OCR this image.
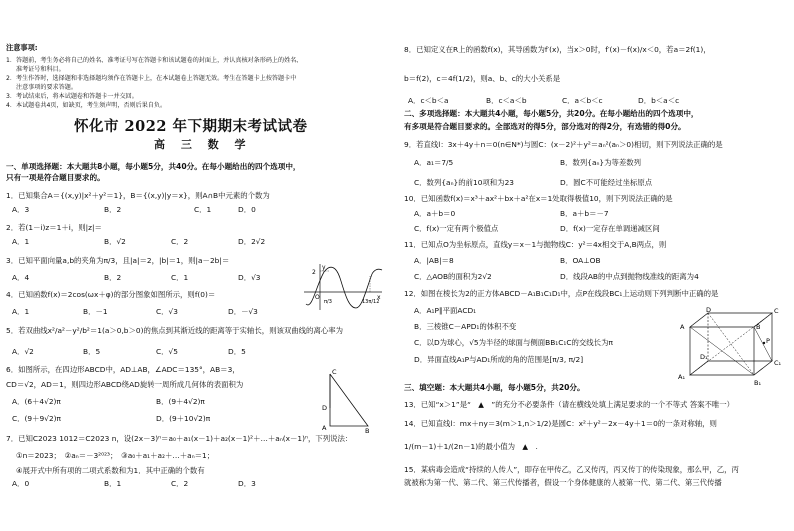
注意事项:
1．答题前，考生务必将自己的姓名、准考证号写在答题卡和该试题卷的封面上，并认真核对条形码上的姓名、
准考证号和科目。
2．考生作答时，选择题和非选择题均须作在答题卡上，在本试题卷上答题无效。考生在答题卡上按答题卡中
注意事项的要求答题。
3．考试结束后，将本试题卷和答题卡一并交回。
4．本试题卷共4页，如缺页，考生须声明，否则后果自负。
怀化市 2022 年下期期末考试试卷
高 三 数 学
一、单项选择题：本大题共8小题，每小题5分，共40分。在每小题给出的四个选项中，
只有一项是符合题目要求的。
1．已知集合A＝{(x,y)|x²＋y²＝1}，B＝{(x,y)|y＝x}，则A∩B中元素的个数为
A．3	B．2	C．1	D．0
2．若(1－i)z＝1＋i，则|z|＝
A．1	B．√2	C．2	D．2√2
3．已知平面向量a,b的夹角为π/3，且|a|＝2，|b|＝1，则|a－2b|＝
A．4	B．2	C．1	D．√3
4．已知函数f(x)＝2cos(ωx＋φ)的部分图象如图所示，则f(0)＝
A．1	B．－1	C．√3	D．－√3
2
O
π/3	13π/12
x
y
5．若双曲线x²/a²－y²/b²＝1(a＞0,b＞0)的焦点到其渐近线的距离等于实轴长，则该双曲线的离心率为
A．√2	B．5	C．√5	D．5
6．如图所示，在四边形ABCD中，AD⊥AB，∠ADC＝135°，AB＝3，
CD＝√2，AD＝1，则四边形ABCD绕AD旋转一周所成几何体的表面积为
A．(6＋4√2)π	B．(9＋4√2)π
C．(9＋9√2)π	D．(9＋10√2)π
C
D
A	B
7．已知C2023 1012＝C2023 n，设(2x－3)ⁿ＝a₀＋a₁(x－1)＋a₂(x－1)²＋…＋aₙ(x－1)ⁿ，下列说法：
①n＝2023；　②aₙ＝－3²⁰²³；　③a₀＋a₁＋a₂＋…＋aₙ＝1；
④展开式中所有项的二项式系数和为1．其中正确的个数有
A．0	B．1	C．2	D．3
8．已知定义在R上的函数f(x)，其导函数为f′(x)，当x＞0时，f′(x)－f(x)/x＜0，若a＝2f(1)，
b＝f(2)，c＝4f(1/2)，则a、b、c的大小关系是
A．c＜b＜a	B．c＜a＜b	C．a＜b＜c	D．b＜a＜c
二、多项选择题：本大题共4小题，每小题5分，共20分。在每小题给出的四个选项中，
有多项是符合题目要求的。全部选对的得5分，部分选对的得2分，有选错的得0分。
9．若直线l：3x＋4y＋n＝0(n∈N*)与圆C：(x－2)²＋y²＝aₙ²(aₙ＞0)相切，则下列说法正确的是
A．a₁＝7/5	B．数列{aₙ}为等差数列
C．数列{aₙ}的前10项和为23	D．圆C不可能经过坐标原点
10．已知函数f(x)＝x³＋ax²＋bx＋a²在x＝1处取得极值10，则下列说法正确的是
A．a＋b＝0	B．a＋b＝－7
C．f(x)一定有两个极值点	D．f(x)一定存在单调递减区间
11．已知点O为坐标原点，直线y＝x－1与抛物线C：y²＝4x相交于A,B两点，则
A．|AB|＝8	B．OA⊥OB
C．△AOB的面积为2√2	D．线段AB的中点到抛物线准线的距离为4
12．如图在棱长为2的正方体ABCD－A₁B₁C₁D₁中，点P在线段BC₁上运动则下列判断中正确的是
A．A₁P∥平面ACD₁
B．三棱锥C－APD₁的体积不变
C．以D为球心，√5为半径的球面与侧面BB₁C₁C的交线长为π
D．异面直线A₁P与AD₁所成的角的范围是[π/3, π/2]
D	C
A	B
D₁
C₁
A₁
B₁
P
三、填空题：本大题共4小题，每小题5分，共20分。
13．已知“x＞1”是“　▲　”的充分不必要条件（请在横线处填上满足要求的一个不等式 答案不唯一）
14．已知直线l：mx＋ny＝3(m＞1,n＞1/2)是圆C：x²＋y²－2x－4y＋1＝0的一条对称轴，则
1/(m－1)＋1/(2n－1)的最小值为　▲　.
15．某病毒会造成“持续的人传人”，即存在甲传乙，乙又传丙，丙又传丁的传染现象，那么甲，乙，丙
就被称为第一代、第二代、第三代传播者，假设一个身体健康的人被第一代、第二代、第三代传播
